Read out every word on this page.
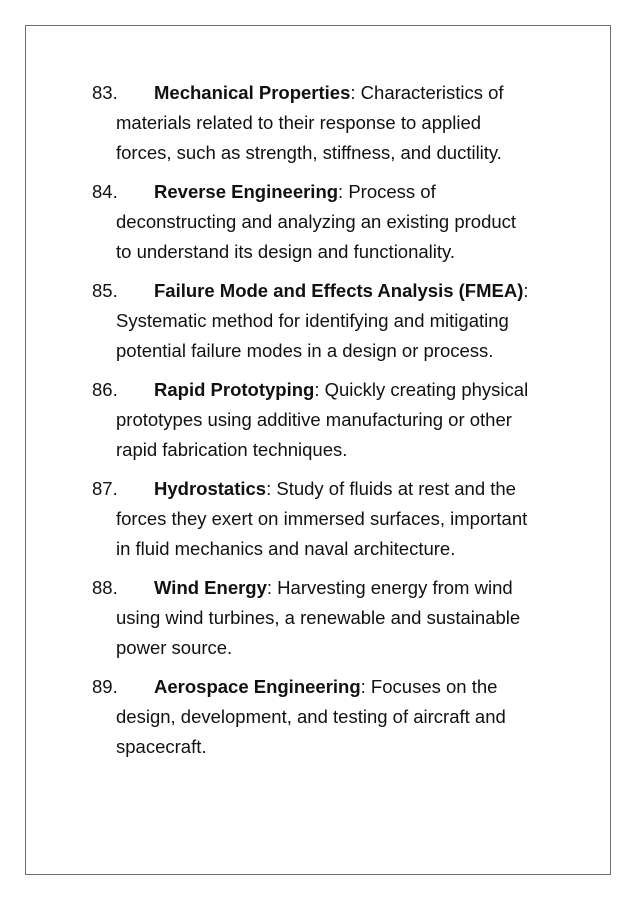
83. Mechanical Properties: Characteristics of
materials related to their response to applied
forces, such as strength, stiffness, and ductility.
84. Reverse Engineering: Process of
deconstructing and analyzing an existing product
to understand its design and functionality.
85. Failure Mode and Effects Analysis (FMEA):
Systematic method for identifying and mitigating
potential failure modes in a design or process.
86. Rapid Prototyping: Quickly creating physical
prototypes using additive manufacturing or other
rapid fabrication techniques.
87. Hydrostatics: Study of fluids at rest and the
forces they exert on immersed surfaces, important
in fluid mechanics and naval architecture.
88. Wind Energy: Harvesting energy from wind
using wind turbines, a renewable and sustainable
power source.
89. Aerospace Engineering: Focuses on the
design, development, and testing of aircraft and
spacecraft.
